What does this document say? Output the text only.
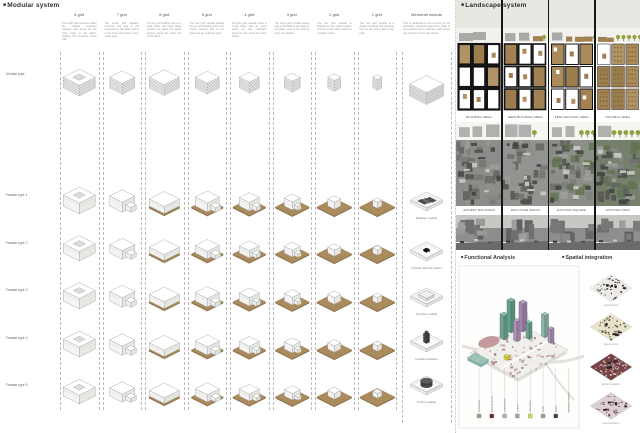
■Modular system
Module type
Facade type 1
Facade type 2
Facade type 3
Facade type 4
Facade type 5
8 grid
The eight grid modules retain the original courtyard typology and serve as the main body of the block, holding the complete urban wall.
7 grid
The seven grid variation removes one bay of the courtyard so the block opens to the street and gains a semi public yard.
6 grid
The six grid building sits on a base plate, the lower floors spread out while the upper volume keeps the street line of the block.
5 grid
The five grid module breaks into a main building and a low annex, leaving half of the plate free as a planted yard.
4 grid
The four grid module mixes a small tower with an open plinth so the courtyard becomes the dominant open space.
3 grid
The three grid module keeps only a thin slab at the edge of the plate, most of the ground turns into garden.
2 grid
The two grid module is reduced to one small pavilion and the brown plate reads as a public terrace.
1 grid
The one grid module is a single memorial cell standing free on the open plate of the park.
Memorial module
This is dedicated to the memory of the old station. Along the grid axis a chain of memorial boxes is inserted, each keeps one fragment of the site history.
Railway module
(Chopin and his piano)
Corridor module
Central sculpture
Circus module
BUILDING AREA
ANCIENT BUILDINGS
SEMI-BUILDING AREA
MAIN FOUR WINGS
SEMI-NATURAL AREA
EXISTING SQUARE
NATURAL AREA
EXISTING PARK
residential	memorial hall	commercial	culture	education	hotel	office	transport system
existing fabric
figure ground
global integration
local integration
■Landscape system
■Functional Analysis	■Spatial integration
